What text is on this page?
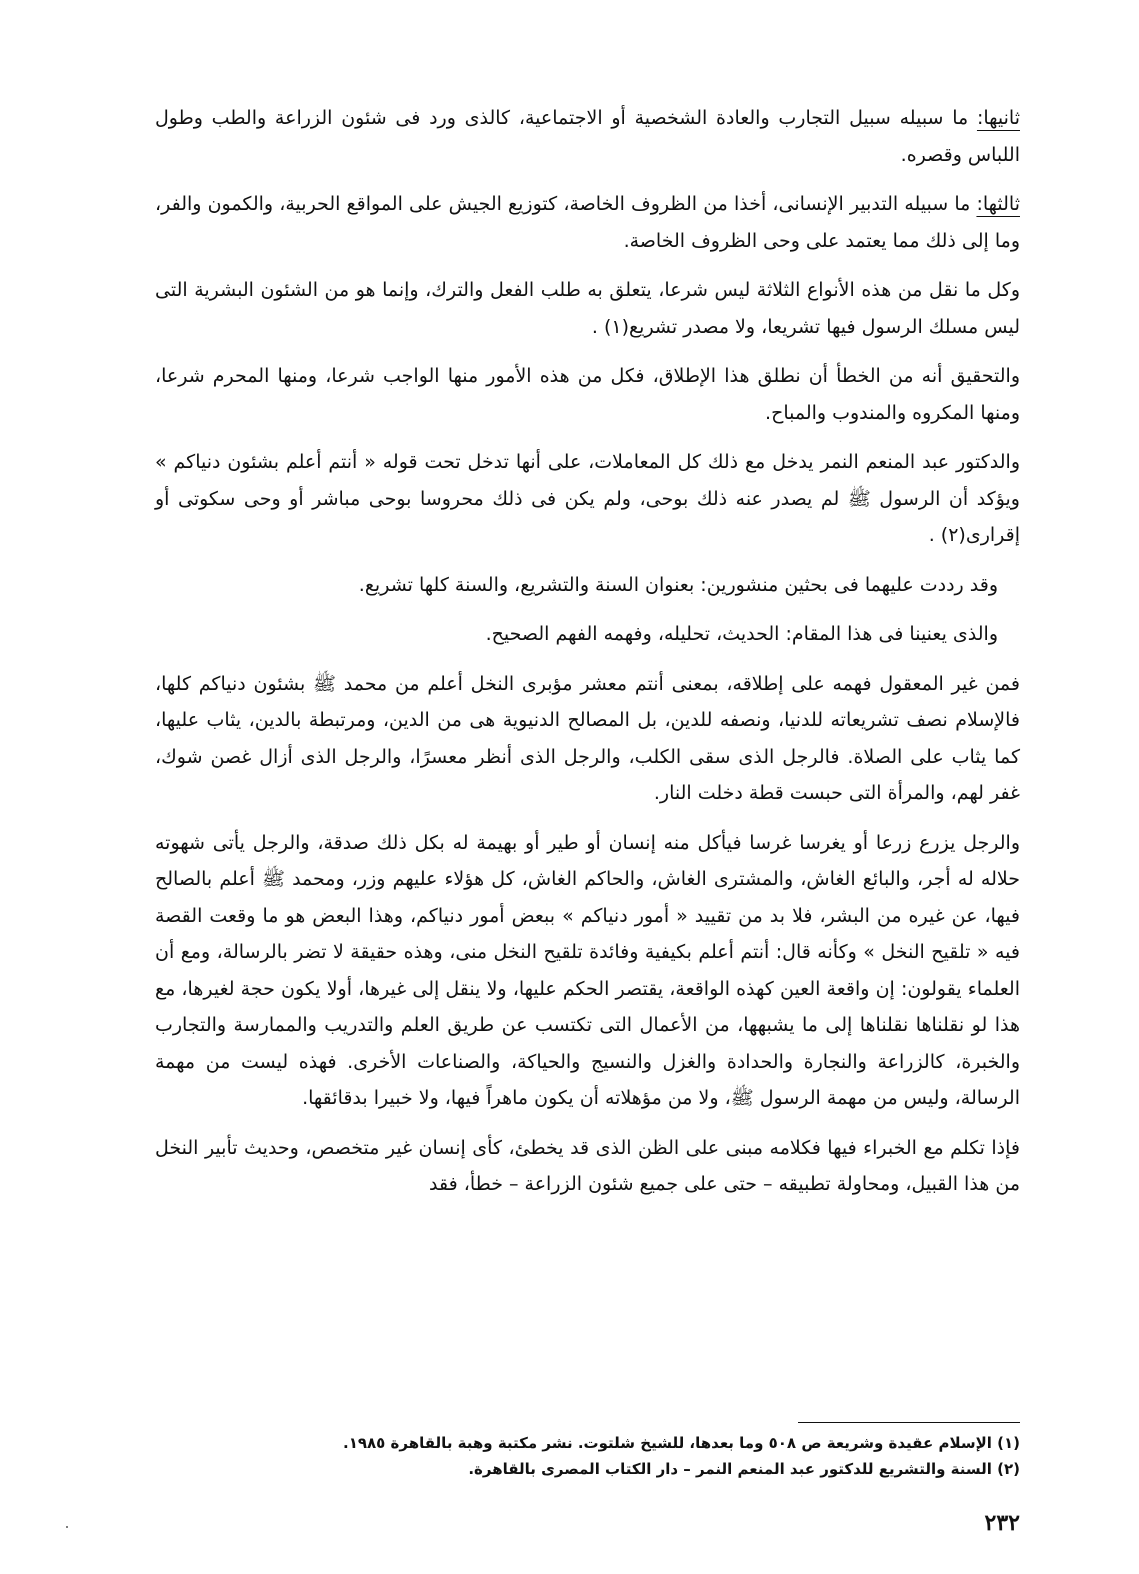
ثانيها: ما سبيله سبيل التجارب والعادة الشخصية أو الاجتماعية، كالذى ورد فى شئون الزراعة والطب وطول اللباس وقصره.

ثالثها: ما سبيله التدبير الإنسانى، أخذا من الظروف الخاصة، كتوزيع الجيش على المواقع الحربية، والكمون والفر، وما إلى ذلك مما يعتمد على وحى الظروف الخاصة.

وكل ما نقل من هذه الأنواع الثلاثة ليس شرعا، يتعلق به طلب الفعل والترك، وإنما هو من الشئون البشرية التى ليس مسلك الرسول فيها تشريعا، ولا مصدر تشريع(١) .

والتحقيق أنه من الخطأ أن نطلق هذا الإطلاق، فكل من هذه الأمور منها الواجب شرعا، ومنها المحرم شرعا، ومنها المكروه والمندوب والمباح.

والدكتور عبد المنعم النمر يدخل مع ذلك كل المعاملات، على أنها تدخل تحت قوله « أنتم أعلم بشئون دنياكم » ويؤكد أن الرسول ﷺ لم يصدر عنه ذلك بوحى، ولم يكن فى ذلك محروسا بوحى مباشر أو وحى سكوتى أو إقرارى(٢) .

وقد رددت عليهما فى بحثين منشورين: بعنوان السنة والتشريع، والسنة كلها تشريع.

والذى يعنينا فى هذا المقام: الحديث، تحليله، وفهمه الفهم الصحيح.

فمن غير المعقول فهمه على إطلاقه، بمعنى أنتم معشر مؤبرى النخل أعلم من محمد ﷺ بشئون دنياكم كلها، فالإسلام نصف تشريعاته للدنيا، ونصفه للدين، بل المصالح الدنيوية هى من الدين، ومرتبطة بالدين، يثاب عليها، كما يثاب على الصلاة. فالرجل الذى سقى الكلب، والرجل الذى أنظر معسرًا، والرجل الذى أزال غصن شوك، غفر لهم، والمرأة التى حبست قطة دخلت النار.

والرجل يزرع زرعا أو يغرسا غرسا فيأكل منه إنسان أو طير أو بهيمة له بكل ذلك صدقة، والرجل يأتى شهوته حلاله له أجر، والبائع الغاش، والمشترى الغاش، والحاكم الغاش، كل هؤلاء عليهم وزر، ومحمد ﷺ أعلم بالصالح فيها، عن غيره من البشر، فلا بد من تقييد « أمور دنياكم » ببعض أمور دنياكم، وهذا البعض هو ما وقعت القصة فيه « تلقيح النخل » وكأنه قال: أنتم أعلم بكيفية وفائدة تلقيح النخل منى، وهذه حقيقة لا تضر بالرسالة، ومع أن العلماء يقولون: إن واقعة العين كهذه الواقعة، يقتصر الحكم عليها، ولا ينقل إلى غيرها، أولا يكون حجة لغيرها، مع هذا لو نقلناها نقلناها إلى ما يشبهها، من الأعمال التى تكتسب عن طريق العلم والتدريب والممارسة والتجارب والخبرة، كالزراعة والنجارة والحدادة والغزل والنسيج والحياكة، والصناعات الأخرى. فهذه ليست من مهمة الرسالة، وليس من مهمة الرسول ﷺ، ولا من مؤهلاته أن يكون ماهراً فيها، ولا خبيرا بدقائقها.

فإذا تكلم مع الخبراء فيها فكلامه مبنى على الظن الذى قد يخطئ، كأى إنسان غير متخصص، وحديث تأبير النخل من هذا القبيل، ومحاولة تطبيقه – حتى على جميع شئون الزراعة – خطأ، فقد

(١) الإسلام عقيدة وشريعة ص ٥٠٨ وما بعدها، للشيخ شلتوت. نشر مكتبة وهبة بالقاهرة ١٩٨٥.

(٢) السنة والتشريع للدكتور عبد المنعم النمر – دار الكتاب المصرى بالقاهرة.

٢٣٢
